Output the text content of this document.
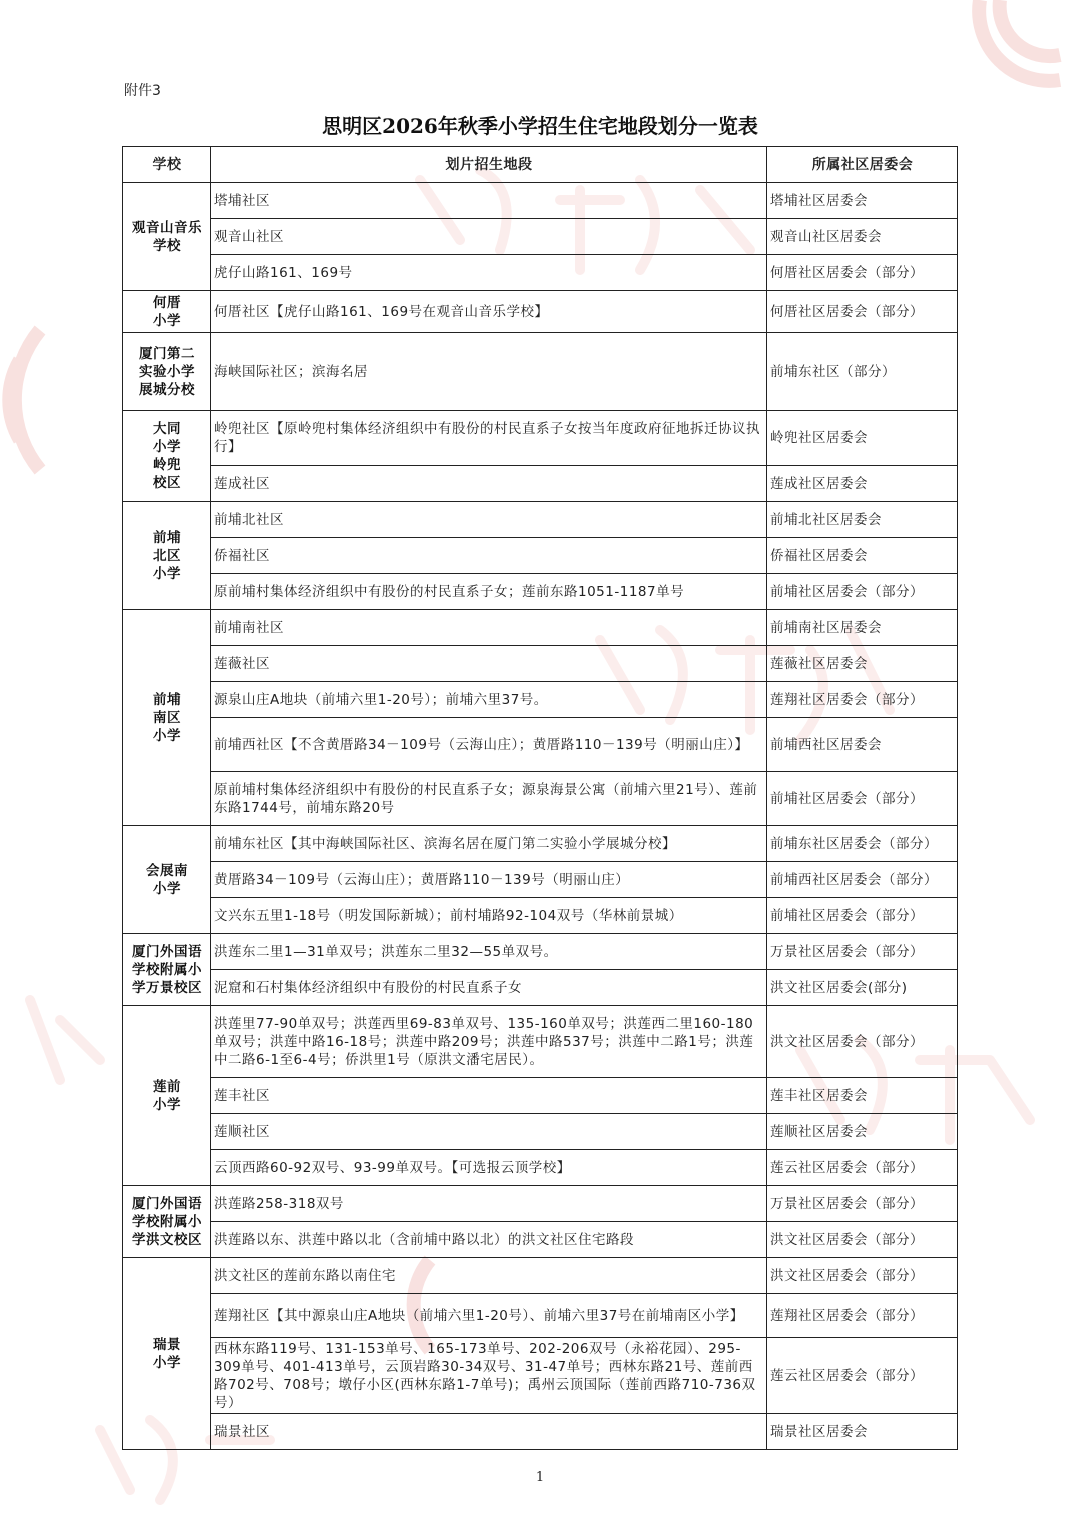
附件3
思明区2026年秋季小学招生住宅地段划分一览表
学校	划片招生地段	所属社区居委会
观音山音乐学校	塔埔社区	塔埔社区居委会
	观音山社区	观音山社区居委会
	虎仔山路161、169号	何厝社区居委会（部分）
何厝小学	何厝社区【虎仔山路161、169号在观音山音乐学校】	何厝社区居委会（部分）
厦门第二实验小学展城分校	海峡国际社区；滨海名居	前埔东社区（部分）
大同小学岭兜校区	岭兜社区【原岭兜村集体经济组织中有股份的村民直系子女按当年度政府征地拆迁协议执行】	岭兜社区居委会
	莲成社区	莲成社区居委会
前埔北区小学	前埔北社区	前埔北社区居委会
	侨福社区	侨福社区居委会
	原前埔村集体经济组织中有股份的村民直系子女；莲前东路1051-1187单号	前埔社区居委会（部分）
前埔南区小学	前埔南社区	前埔南社区居委会
	莲薇社区	莲薇社区居委会
	源泉山庄A地块（前埔六里1-20号）；前埔六里37号。	莲翔社区居委会（部分）
	前埔西社区【不含黄厝路34－109号（云海山庄）；黄厝路110－139号（明丽山庄）】	前埔西社区居委会
	原前埔村集体经济组织中有股份的村民直系子女；源泉海景公寓（前埔六里21号）、莲前东路1744号，前埔东路20号	前埔社区居委会（部分）
会展南小学	前埔东社区【其中海峡国际社区、滨海名居在厦门第二实验小学展城分校】	前埔东社区居委会（部分）
	黄厝路34－109号（云海山庄）；黄厝路110－139号（明丽山庄）	前埔西社区居委会（部分）
	文兴东五里1-18号（明发国际新城）；前村埔路92-104双号（华林前景城）	前埔社区居委会（部分）
厦门外国语学校附属小学万景校区	洪莲东二里1—31单双号；洪莲东二里32—55单双号。	万景社区居委会（部分）
	泥窟和石村集体经济组织中有股份的村民直系子女	洪文社区居委会(部分)
莲前小学	洪莲里77-90单双号；洪莲西里69-83单双号、135-160单双号；洪莲西二里160-180单双号；洪莲中路16-18号；洪莲中路209号；洪莲中路537号；洪莲中二路1号；洪莲中二路6-1至6-4号；侨洪里1号（原洪文潘宅居民）。	洪文社区居委会（部分）
	莲丰社区	莲丰社区居委会
	莲顺社区	莲顺社区居委会
	云顶西路60-92双号、93-99单双号。【可选报云顶学校】	莲云社区居委会（部分）
厦门外国语学校附属小学洪文校区	洪莲路258-318双号	万景社区居委会（部分）
	洪莲路以东、洪莲中路以北（含前埔中路以北）的洪文社区住宅路段	洪文社区居委会（部分）
瑞景小学	洪文社区的莲前东路以南住宅	洪文社区居委会（部分）
	莲翔社区【其中源泉山庄A地块（前埔六里1-20号）、前埔六里37号在前埔南区小学】	莲翔社区居委会（部分）
	西林东路119号、131-153单号、165-173单号、202-206双号（永裕花园）、295-309单号、401-413单号，云顶岩路30-34双号、31-47单号；西林东路21号、莲前西路702号、708号；墩仔小区(西林东路1-7单号)；禹州云顶国际（莲前西路710-736双号）	莲云社区居委会（部分）
	瑞景社区	瑞景社区居委会
1
